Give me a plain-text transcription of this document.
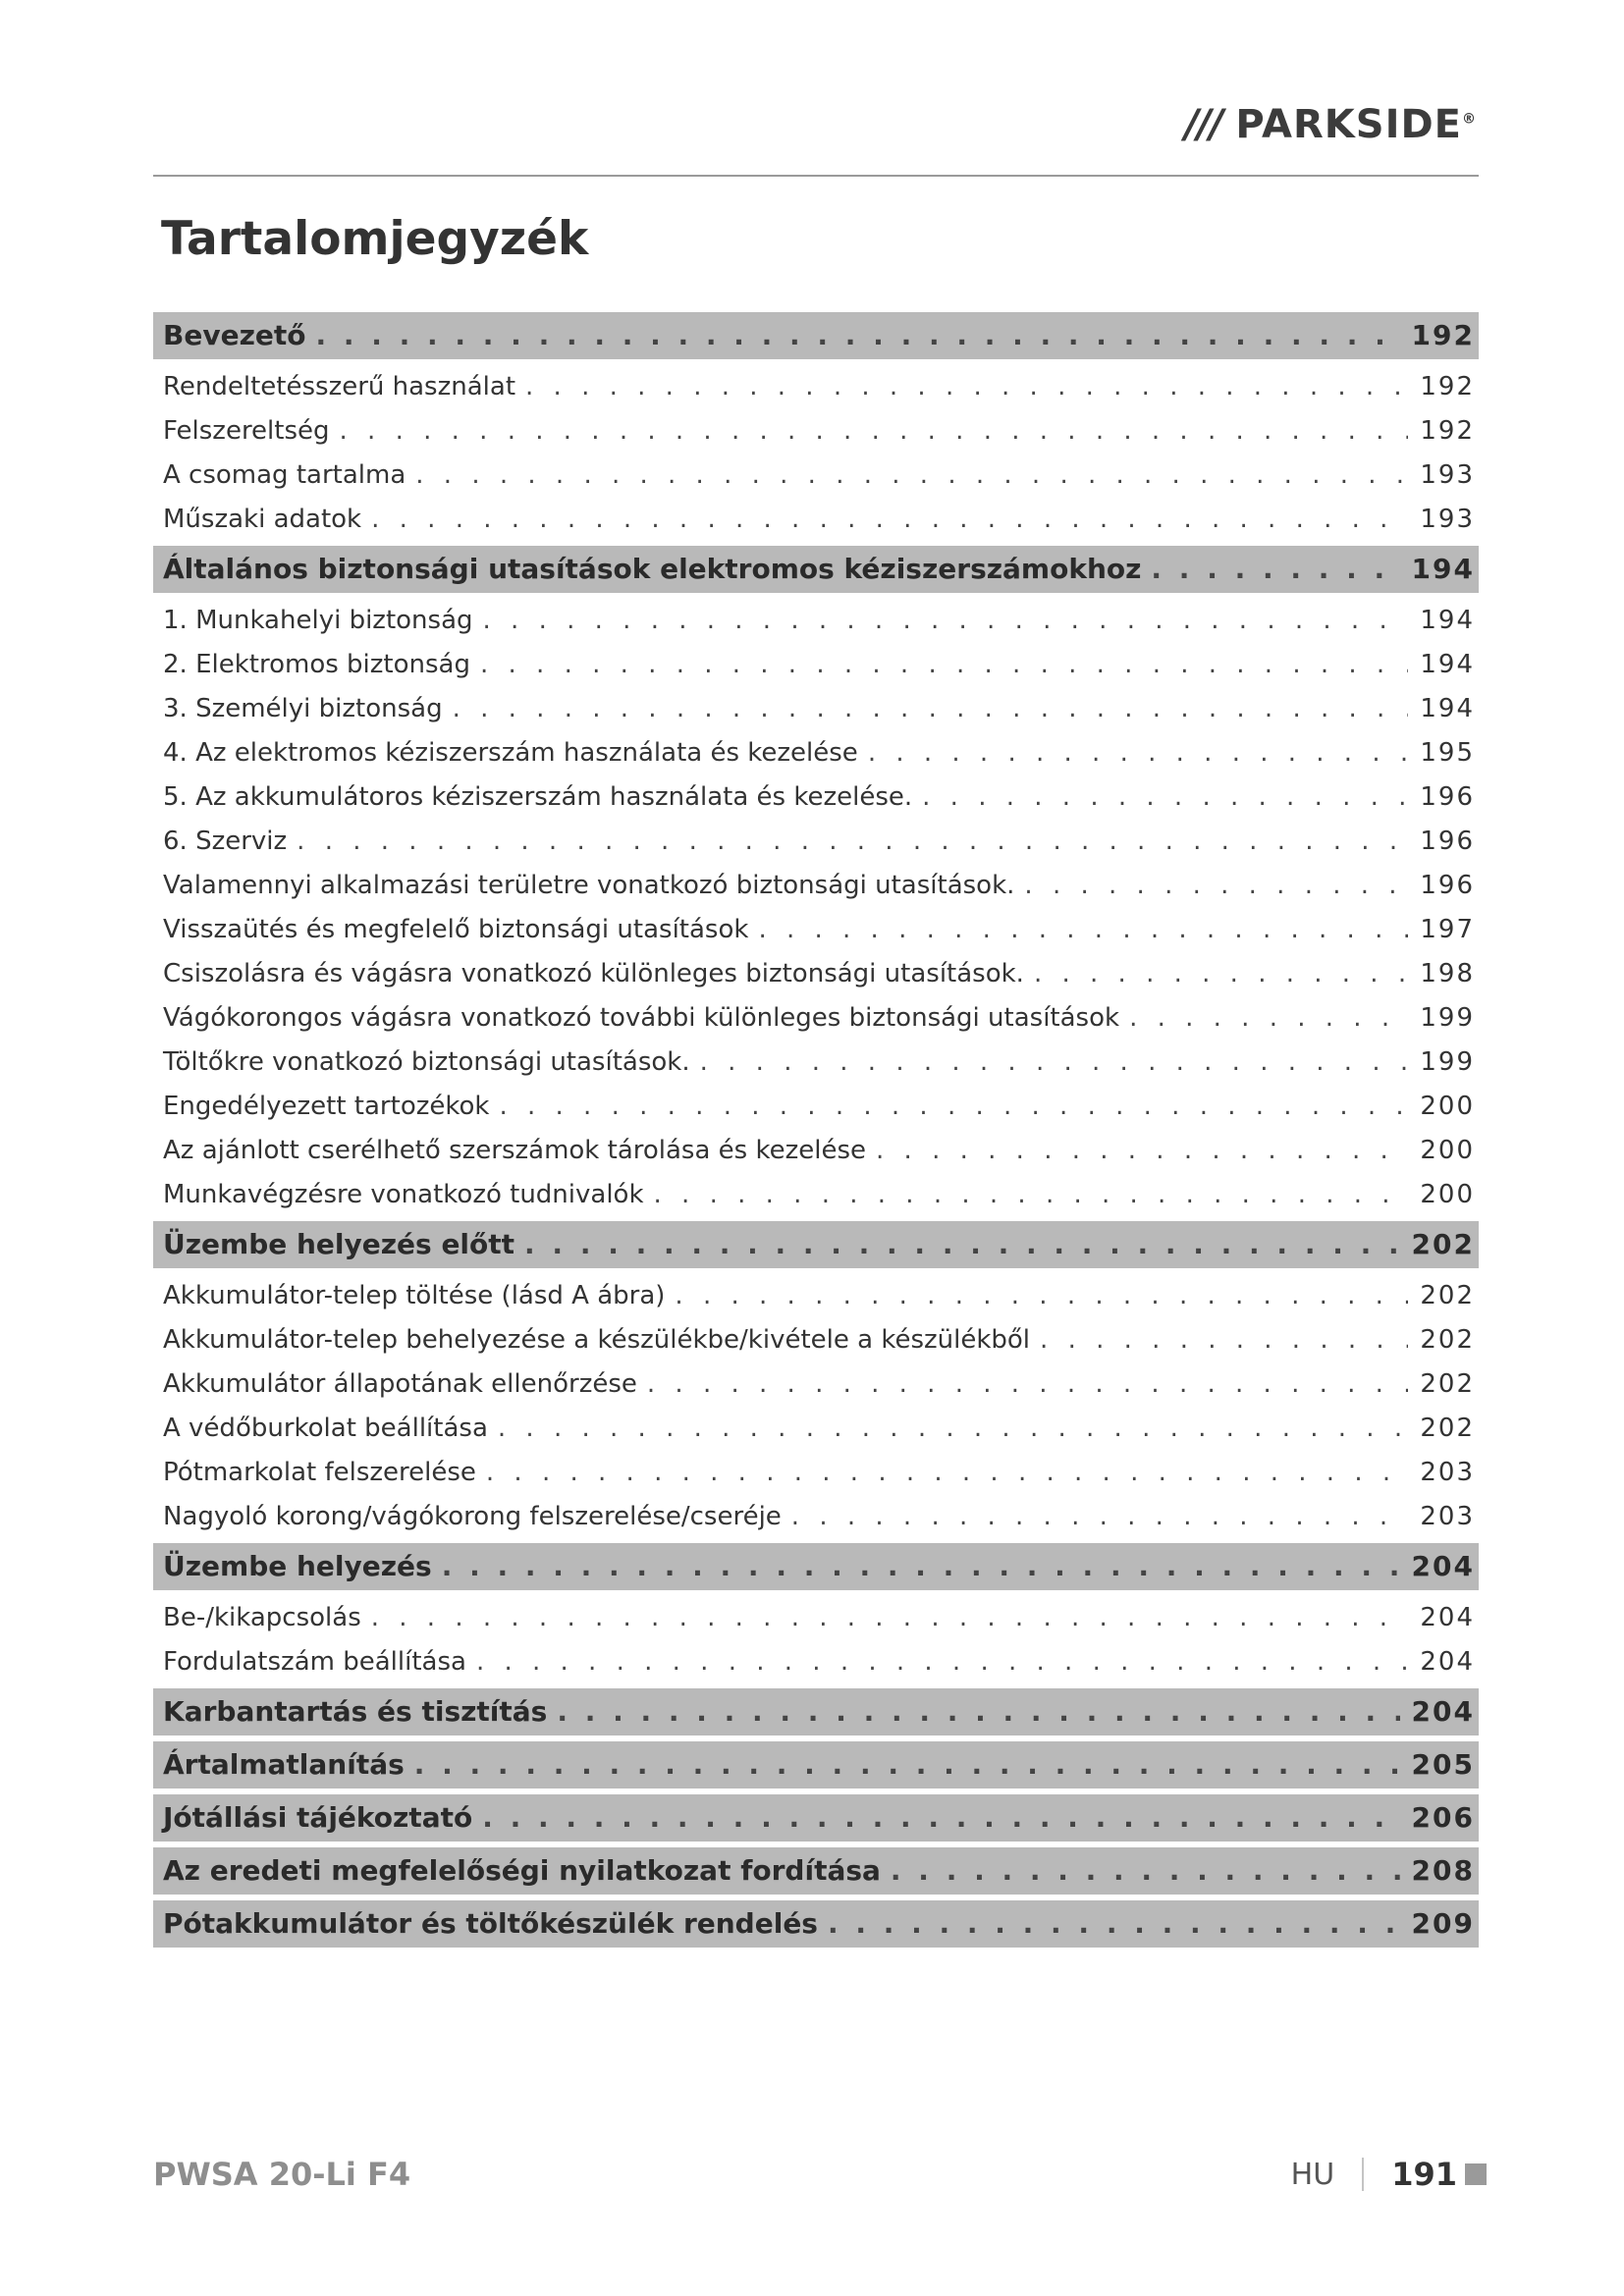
/// PARKSIDE®
Tartalomjegyzék
Bevezető . . .	192
Rendeltetésszerű használat . . .	192
Felszereltség . . .	192
A csomag tartalma . . .	193
Műszaki adatok . . .	193
Általános biztonsági utasítások elektromos kéziszerszámokhoz . . .	194
1. Munkahelyi biztonság . . .	194
2. Elektromos biztonság . . .	194
3. Személyi biztonság . . .	194
4. Az elektromos kéziszerszám használata és kezelése . . .	195
5. Az akkumulátoros kéziszerszám használata és kezelése. . . .	196
6. Szerviz . . .	196
Valamennyi alkalmazási területre vonatkozó biztonsági utasítások. . . .	196
Visszaütés és megfelelő biztonsági utasítások . . .	197
Csiszolásra és vágásra vonatkozó különleges biztonsági utasítások. . . .	198
Vágókorongos vágásra vonatkozó további különleges biztonsági utasítások . . .	199
Töltőkre vonatkozó biztonsági utasítások. . . .	199
Engedélyezett tartozékok . . .	200
Az ajánlott cserélhető szerszámok tárolása és kezelése . . .	200
Munkavégzésre vonatkozó tudnivalók . . .	200
Üzembe helyezés előtt . . .	202
Akkumulátor-telep töltése (lásd A ábra) . . .	202
Akkumulátor-telep behelyezése a készülékbe/kivétele a készülékből . . .	202
Akkumulátor állapotának ellenőrzése . . .	202
A védőburkolat beállítása . . .	202
Pótmarkolat felszerelése . . .	203
Nagyoló korong/vágókorong felszerelése/cseréje . . .	203
Üzembe helyezés . . .	204
Be-/kikapcsolás . . .	204
Fordulatszám beállítása . . .	204
Karbantartás és tisztítás . . .	204
Ártalmatlanítás . . .	205
Jótállási tájékoztató . . .	206
Az eredeti megfelelőségi nyilatkozat fordítása . . .	208
Pótakkumulátor és töltőkészülék rendelés . . .	209
PWSA 20-Li F4	HU 191
